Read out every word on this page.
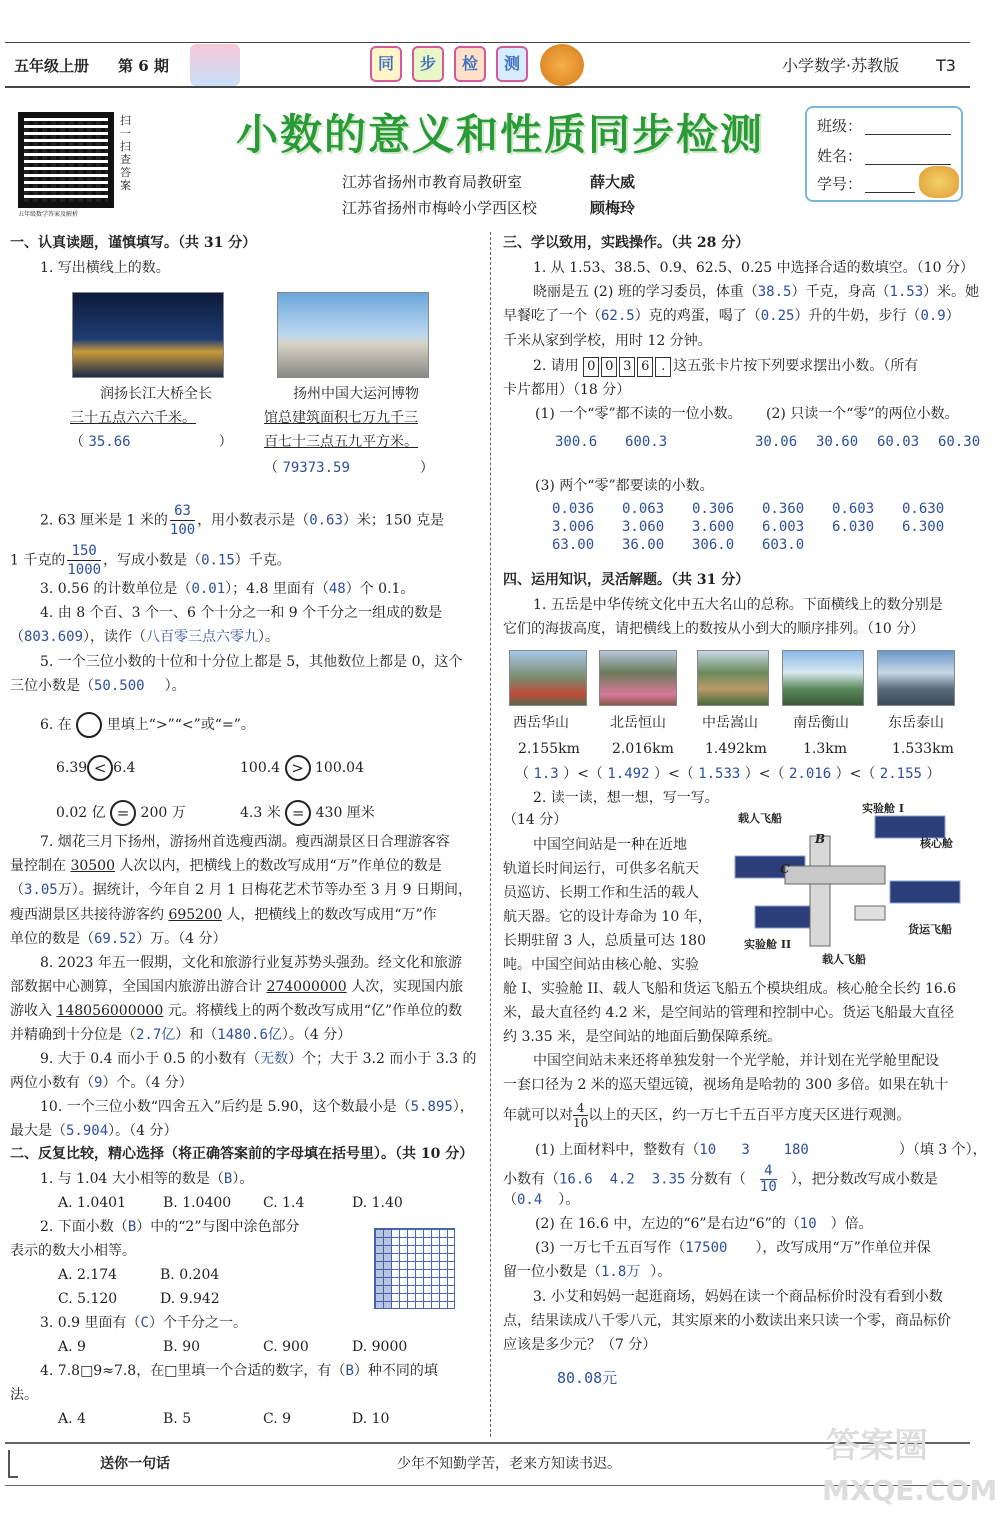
五年级上册 第 6 期	同	步	检	测	小学数学·苏教版 T3
扫一扫 查答案
五年级数学答案及解析
小数的意义和性质同步检测
江苏省扬州市教育局教研室	薛大威
江苏省扬州市梅岭小学西区校	顾梅玲
班级：
姓名：
学号：
一、认真读题，谨慎填写。（共 31 分）
1. 写出横线上的数。
润扬长江大桥全长
三十五点六六千米。
（ 35.66	）
扬州中国大运河博物
馆总建筑面积七万九千三
百七十三点五九平方米。
（ 79373.59	）
2. 63 厘米是 1 米的 $\frac{63}{100}$ ，用小数表示是（0.63）米；150 克是
1 千克的 $\frac{150}{1000}$ ，写成小数是（0.15）千克。
3. 0.56 的计数单位是（0.01）；4.8 里面有（48）个 0.1。
4. 由 8 个百、3 个一、6 个十分之一和 9 个千分之一组成的数是
（803.609），读作（八百零三点六零九）。
5. 一个三位小数的十位和十分位上都是 5，其他数位上都是 0，这个
三位小数是（50.500 ）。
6. 在 里填上“>”“<”或“=”。
6.39 < 6.4	100.4 > 100.04
0.02 亿 = 200 万	4.3 米 = 430 厘米
7. 烟花三月下扬州，游扬州首选瘦西湖。瘦西湖景区日合理游客容
量控制在 30500 人次以内，把横线上的数改写成用“万”作单位的数是
（3.05万）。据统计，今年自 2 月 1 日梅花艺术节等办至 3 月 9 日期间，
瘦西湖景区共接待游客约 695200 人，把横线上的数改写成用“万”作
单位的数是（69.52）万。（4 分）
8. 2023 年五一假期，文化和旅游行业复苏势头强劲。经文化和旅游
部数据中心测算，全国国内旅游出游合计 274000000 人次，实现国内旅
游收入 148056000000 元。将横线上的两个数改写成用“亿”作单位的数
并精确到十分位是（2.7亿）和（1480.6亿）。（4 分）
9. 大于 0.4 而小于 0.5 的小数有（无数）个；大于 3.2 而小于 3.3 的
两位小数有（9）个。（4 分）
10. 一个三位小数“四舍五入”后约是 5.90，这个数最小是（5.895），
最大是（5.904）。（4 分）
二、反复比较，精心选择（将正确答案前的字母填在括号里）。（共 10 分）
1. 与 1.04 大小相等的数是（B）。
A. 1.0401	B. 1.0400 C. 1.4	D. 1.40
2. 下面小数（B）中的“2”与图中涂色部分
表示的数大小相等。
A. 2.174	B. 0.204
C. 5.120	D. 9.942
3. 0.9 里面有（C）个千分之一。
A. 9	B. 90	C. 900	D. 9000
4. 7.8□9≈7.8，在□里填一个合适的数字，有（B）种不同的填
法。
A. 4	B. 5	C. 9	D. 10
三、学以致用，实践操作。（共 28 分）
1. 从 1.53、38.5、0.9、62.5、0.25 中选择合适的数填空。（10 分）
晓丽是五 (2) 班的学习委员，体重（38.5）千克，身高（1.53）米。她
早餐吃了一个（62.5）克的鸡蛋，喝了（0.25）升的牛奶，步行（0.9）
千米从家到学校，用时 12 分钟。
2. 请用 0 0 3 6 . 这五张卡片按下列要求摆出小数。（所有
卡片都用）（18 分）
(1) 一个“零”都不读的一位小数。 (2) 只读一个“零”的两位小数。
300.6 600.3	30.06 30.60 60.03 60.30
(3) 两个“零”都要读的小数。
0.036	0.063	0.306	0.360	0.603	0.630
3.006	3.060	3.600	6.003	6.030	6.300
63.00	36.00	306.0	603.0
四、运用知识，灵活解题。（共 31 分）
1. 五岳是中华传统文化中五大名山的总称。下面横线上的数分别是
它们的海拔高度，请把横线上的数按从小到大的顺序排列。（10 分）
西岳华山	北岳恒山	中岳嵩山	南岳衡山	东岳泰山
2.155km 2.016km 1.492km	1.3km	1.533km
（ 1.3 ）<（ 1.492 ）<（ 1.533 ）<（ 2.016 ）<（ 2.155 ）
2. 读一读，想一想，写一写。
（14 分）	载人飞船
实验舱 I
核心舱
货运飞船
实验舱 II
载人飞船
B
C
中国空间站是一种在近地
轨道长时间运行，可供多名航天
员巡访、长期工作和生活的载人
航天器。它的设计寿命为 10 年，
长期驻留 3 人，总质量可达 180
吨。中国空间站由核心舱、实验
舱 I、实验舱 II、载人飞船和货运飞船五个模块组成。核心舱全长约 16.6
米，最大直径约 4.2 米，是空间站的管理和控制中心。货运飞船最大直径
约 3.35 米，是空间站的地面后勤保障系统。
中国空间站未来还将单独发射一个光学舱，并计划在光学舱里配设
一套口径为 2 米的巡天望远镜，视场角是哈勃的 300 多倍。如果在轨十
年就可以对 $\frac{4}{10}$ 以上的天区，约一万七千五百平方度天区进行观测。
(1) 上面材料中，整数有（10   3    180	）（填 3 个），
小数有（16.6  4.2  3.35 分数有（ $\frac{4}{10}$ ），把分数改写成小数是
（0.4 ）。
(2) 在 16.6 中，左边的“6”是右边“6”的（10 ）倍。
(3) 一万七千五百写作（17500 ），改写成用“万”作单位并保
留一位小数是（1.8万 ）。
3. 小艾和妈妈一起逛商场，妈妈在读一个商品标价时没有看到小数
点，结果读成八千零八元，其实原来的小数读出来只读一个零，商品标价
应该是多少元？（7 分）
80.08元
送你一句话	少年不知勤学苦，老来方知读书迟。	答案圈
MXQE.COM
